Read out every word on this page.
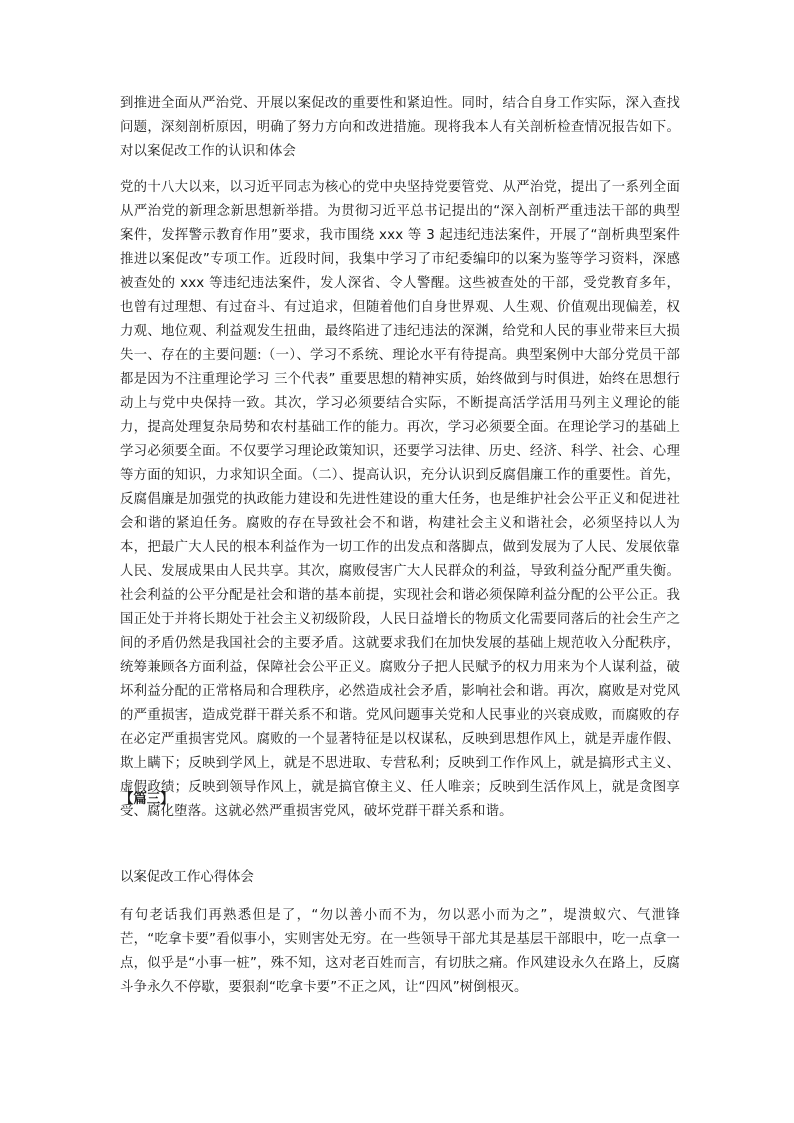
到推进全面从严治党、开展以案促改的重要性和紧迫性。同时，结合自身工作实际，深入查找问题，深刻剖析原因，明确了努力方向和改进措施。现将我本人有关剖析检查情况报告如下。 对以案促改工作的认识和体会

党的十八大以来，以习近平同志为核心的党中央坚持党要管党、从严治党，提出了一系列全面从严治党的新理念新思想新举措。为贯彻习近平总书记提出的“深入剖析严重违法干部的典型案件，发挥警示教育作用”要求，我市围绕 xxx 等 3 起违纪违法案件，开展了“剖析典型案件推进以案促改”专项工作。近段时间，我集中学习了市纪委编印的以案为鉴等学习资料，深感被查处的 xxx 等违纪违法案件，发人深省、令人警醒。这些被查处的干部，受党教育多年，也曾有过理想、有过奋斗、有过追求，但随着他们自身世界观、人生观、价值观出现偏差，权力观、地位观、利益观发生扭曲，最终陷进了违纪违法的深渊，给党和人民的事业带来巨大损失一、存在的主要问题:（一）、学习不系统、理论水平有待提高。典型案例中大部分党员干部都是因为不注重理论学习 三个代表” 重要思想的精神实质，始终做到与时俱进，始终在思想行动上与党中央保持一致。其次，学习必须要结合实际，不断提高活学活用马列主义理论的能力，提高处理复杂局势和农村基础工作的能力。再次，学习必须要全面。在理论学习的基础上学习必须要全面。不仅要学习理论政策知识，还要学习法律、历史、经济、科学、社会、心理等方面的知识，力求知识全面。（二）、提高认识，充分认识到反腐倡廉工作的重要性。首先，反腐倡廉是加强党的执政能力建设和先进性建设的重大任务，也是维护社会公平正义和促进社会和谐的紧迫任务。腐败的存在导致社会不和谐，构建社会主义和谐社会，必须坚持以人为本，把最广大人民的根本利益作为一切工作的出发点和落脚点，做到发展为了人民、发展依靠人民、发展成果由人民共享。其次，腐败侵害广大人民群众的利益，导致利益分配严重失衡。社会利益的公平分配是社会和谐的基本前提，实现社会和谐必须保障利益分配的公平公正。我国正处于并将长期处于社会主义初级阶段，人民日益增长的物质文化需要同落后的社会生产之间的矛盾仍然是我国社会的主要矛盾。这就要求我们在加快发展的基础上规范收入分配秩序，统筹兼顾各方面利益，保障社会公平正义。腐败分子把人民赋予的权力用来为个人谋利益，破坏利益分配的正常格局和合理秩序，必然造成社会矛盾，影响社会和谐。再次，腐败是对党风的严重损害，造成党群干群关系不和谐。党风问题事关党和人民事业的兴衰成败，而腐败的存在必定严重损害党风。腐败的一个显著特征是以权谋私，反映到思想作风上，就是弄虚作假、欺上瞒下；反映到学风上，就是不思进取、专营私利；反映到工作作风上，就是搞形式主义、虚假政绩；反映到领导作风上，就是搞官僚主义、任人唯亲；反映到生活作风上，就是贪图享受、腐化堕落。这就必然严重损害党风，破坏党群干群关系和谐。

【篇三】

以案促改工作心得体会

有句老话我们再熟悉但是了，“勿以善小而不为，勿以恶小而为之”，堤溃蚁穴、气泄锋芒，“吃拿卡要”看似事小，实则害处无穷。在一些领导干部尤其是基层干部眼中，吃一点拿一点，似乎是“小事一桩”，殊不知，这对老百姓而言，有切肤之痛。作风建设永久在路上，反腐斗争永久不停歇，要狠刹“吃拿卡要”不正之风，让“四风”树倒根灭。
